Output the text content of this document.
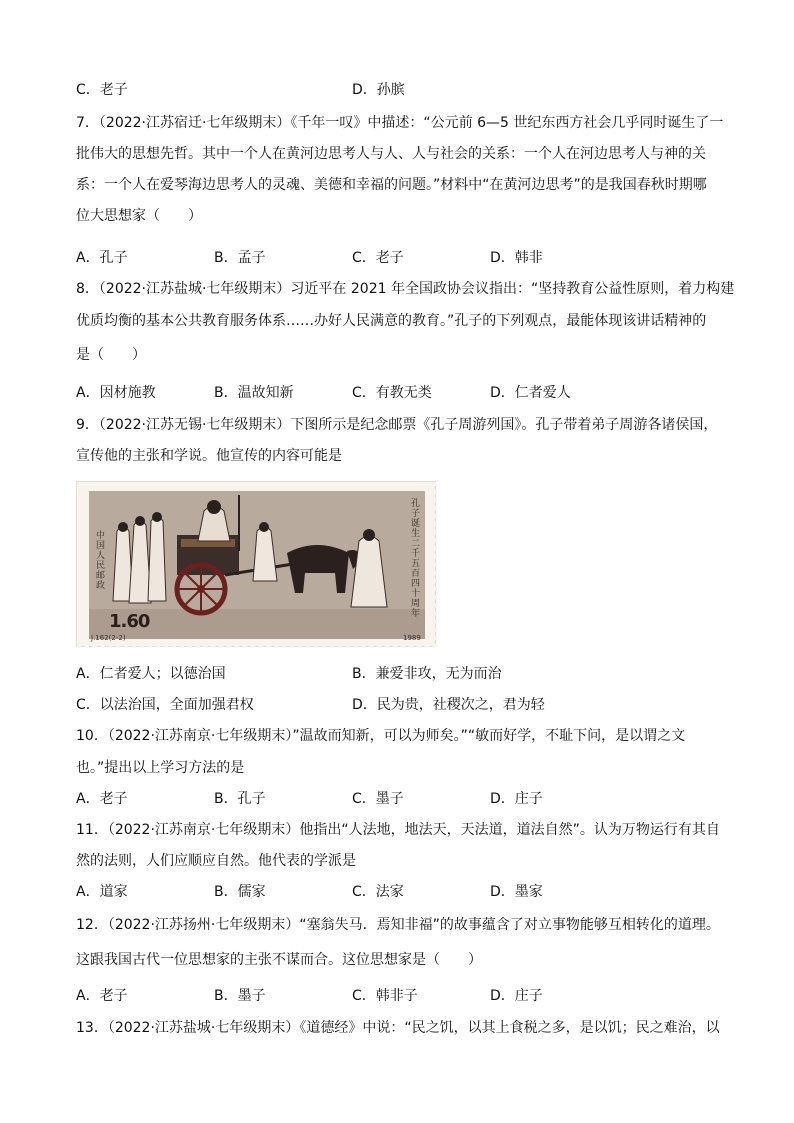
C．老子	D．孙膑
7．（2022·江苏宿迁·七年级期末）《千年一叹》中描述：“公元前 6—5 世纪东西方社会几乎同时诞生了一
批伟大的思想先哲。其中一个人在黄河边思考人与人、人与社会的关系：一个人在河边思考人与神的关
系：一个人在爱琴海边思考人的灵魂、美德和幸福的问题。”材料中“在黄河边思考”的是我国春秋时期哪
位大思想家（　　）
A．孔子	B．孟子	C．老子	D．韩非
8．（2022·江苏盐城·七年级期末）习近平在 2021 年全国政协会议指出：“坚持教育公益性原则，着力构建
优质均衡的基本公共教育服务体系……办好人民满意的教育。”孔子的下列观点，最能体现该讲话精神的
是（　　）
A．因材施教	B．温故知新	C．有教无类	D．仁者爱人
9．（2022·江苏无锡·七年级期末）下图所示是纪念邮票《孔子周游列国》。孔子带着弟子周游各诸侯国，
宣传他的主张和学说。他宣传的内容可能是
中国人民邮政
孔子诞生二千五百四十周年
1.60
J.162(2-2)	1989
A．仁者爱人；以德治国	B．兼爱非攻，无为而治
C．以法治国，全面加强君权	D．民为贵，社稷次之，君为轻
10．（2022·江苏南京·七年级期末）”温故而知新，可以为师矣。”“敏而好学，不耻下问，是以谓之文
也。”提出以上学习方法的是
A．老子	B．孔子	C．墨子	D．庄子
11．（2022·江苏南京·七年级期末）他指出“人法地，地法天，天法道，道法自然”。认为万物运行有其自
然的法则，人们应顺应自然。他代表的学派是
A．道家	B．儒家	C．法家	D．墨家
12．（2022·江苏扬州·七年级期末）“塞翁失马．焉知非福”的故事蕴含了对立事物能够互相转化的道理。
这跟我国古代一位思想家的主张不谋而合。这位思想家是（　　）
A．老子	B．墨子	C．韩非子	D．庄子
13．（2022·江苏盐城·七年级期末）《道德经》中说：“民之饥，以其上食税之多，是以饥；民之难治，以
